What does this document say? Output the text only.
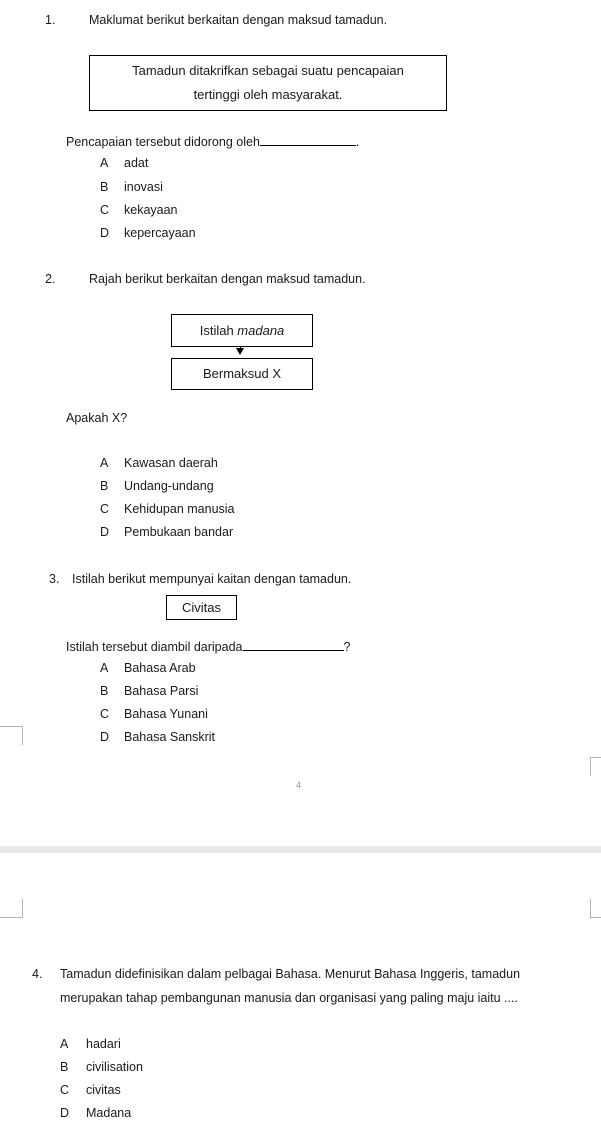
1.	Maklumat berikut berkaitan dengan maksud tamadun.
Tamadun ditakrifkan sebagai suatu pencapaian
tertinggi oleh masyarakat.
Pencapaian tersebut didorong oleh	.
A	adat
B	inovasi
C	kekayaan
D	kepercayaan
2.	Rajah berikut berkaitan dengan maksud tamadun.
Istilah madana
Bermaksud X
Apakah X?
A	Kawasan daerah
B	Undang-undang
C	Kehidupan manusia
D	Pembukaan bandar
3. Istilah berikut mempunyai kaitan dengan tamadun.
Civitas
Istilah tersebut diambil daripada	?
A	Bahasa Arab
B	Bahasa Parsi
C	Bahasa Yunani
D	Bahasa Sanskrit
4
4. Tamadun didefinisikan dalam pelbagai Bahasa. Menurut Bahasa Inggeris, tamadun
merupakan tahap pembangunan manusia dan organisasi yang paling maju iaitu ....
A	hadari
B	civilisation
C	civitas
D	Madana
